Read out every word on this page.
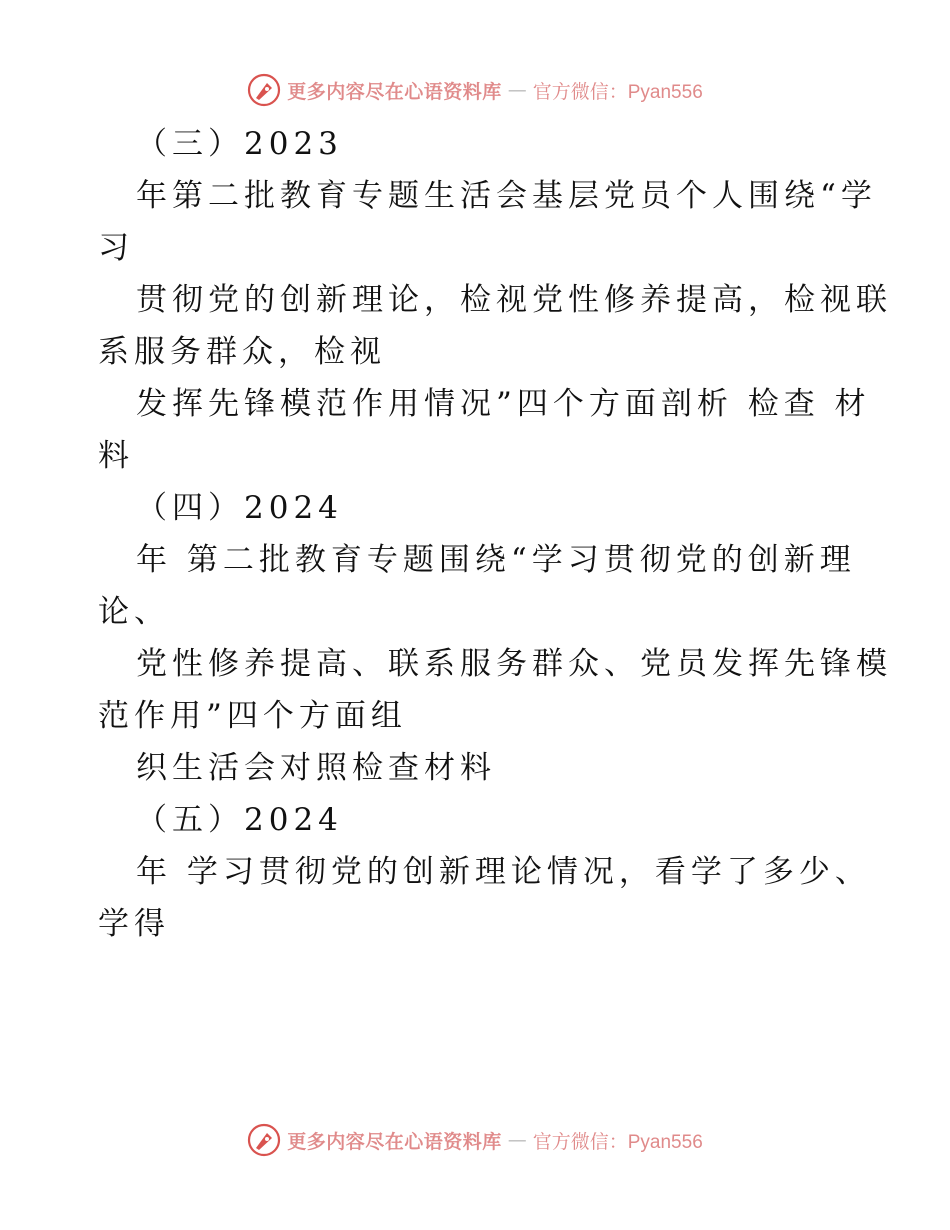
更多内容尽在心语资料库 — 官方微信：Pyan556
（三）2023
年第二批教育专题生活会基层党员个人围绕“学
习
贯彻党的创新理论，检视党性修养提高，检视联
系服务群众，检视
发挥先锋模范作用情况”四个方面剖析 检查 材
料
（四）2024
年 第二批教育专题围绕“学习贯彻党的创新理
论、
党性修养提高、联系服务群众、党员发挥先锋模
范作用”四个方面组
织生活会对照检查材料
（五）2024
年 学习贯彻党的创新理论情况，看学了多少、
学得
更多内容尽在心语资料库 — 官方微信：Pyan556
